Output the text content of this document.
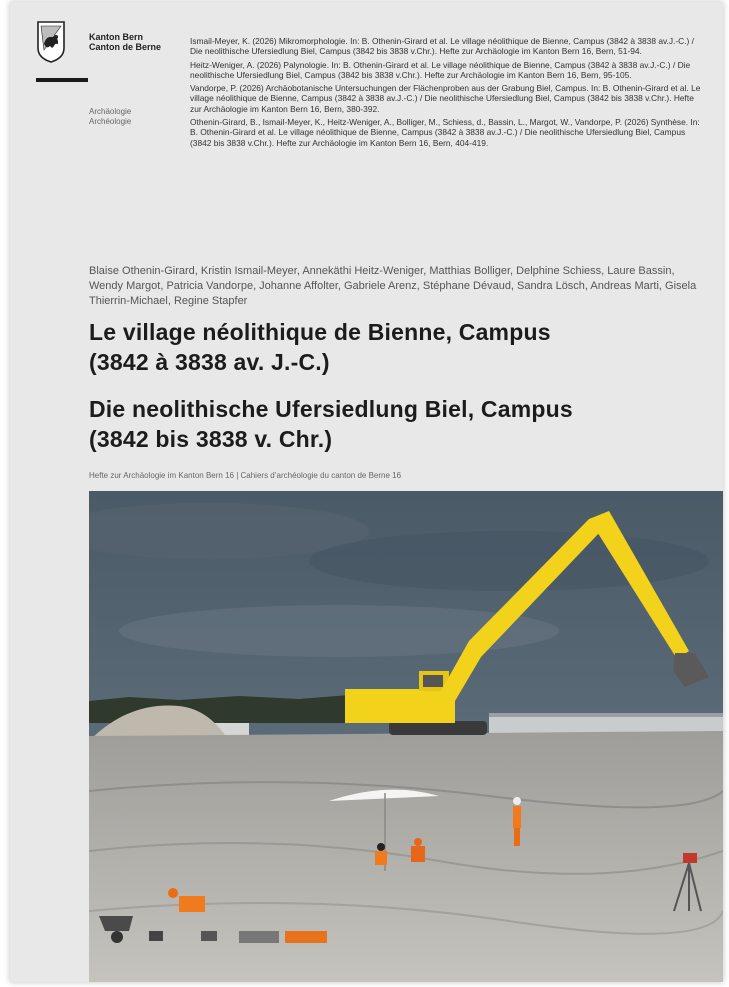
Kanton Bern
Canton de Berne
Archäologie
Archéologie

Ismail-Meyer, K. (2026) Mikromorphologie. In: B. Othenin-Girard et al. Le village néolithique de Bienne, Campus (3842 à 3838 av.J.-C.) / Die neolithische Ufersiedlung Biel, Campus (3842 bis 3838 v.Chr.). Hefte zur Archäologie im Kanton Bern 16, Bern, 51-94.

Heitz-Weniger, A. (2026) Palynologie. In: B. Othenin-Girard et al. Le village néolithique de Bienne, Campus (3842 à 3838 av.J.-C.) / Die neolithische Ufersiedlung Biel, Campus (3842 bis 3838 v.Chr.). Hefte zur Archäologie im Kanton Bern 16, Bern, 95-105.

Vandorpe, P. (2026) Archäobotanische Untersuchungen der Flächenproben aus der Grabung Biel, Campus. In: B. Othenin-Girard et al. Le village néolithique de Bienne, Campus (3842 à 3838 av.J.-C.) / Die neolithische Ufersiedlung Biel, Campus (3842 bis 3838 v.Chr.). Hefte zur Archäologie im Kanton Bern 16, Bern, 380-392.

Othenin-Girard, B., Ismail-Meyer, K., Heitz-Weniger, A., Bolliger, M., Schiess, d., Bassin, L., Margot, W., Vandorpe, P. (2026) Synthèse. In: B. Othenin-Girard et al. Le village néolithique de Bienne, Campus (3842 à 3838 av.J.-C.) / Die neolithische Ufersiedlung Biel, Campus (3842 bis 3838 v.Chr.). Hefte zur Archäologie im Kanton Bern 16, Bern, 404-419.

Blaise Othenin-Girard, Kristin Ismail-Meyer, Annekäthi Heitz-Weniger, Matthias Bolliger, Delphine Schiess, Laure Bassin, Wendy Margot, Patricia Vandorpe, Johanne Affolter, Gabriele Arenz, Stéphane Dévaud, Sandra Lösch, Andreas Marti, Gisela Thierrin-Michael, Regine Stapfer
Le village néolithique de Bienne, Campus
(3842 à 3838 av. J.-C.)
Die neolithische Ufersiedlung Biel, Campus
(3842 bis 3838 v. Chr.)
Hefte zur Archäologie im Kanton Bern 16 | Cahiers d’archéologie du canton de Berne 16
